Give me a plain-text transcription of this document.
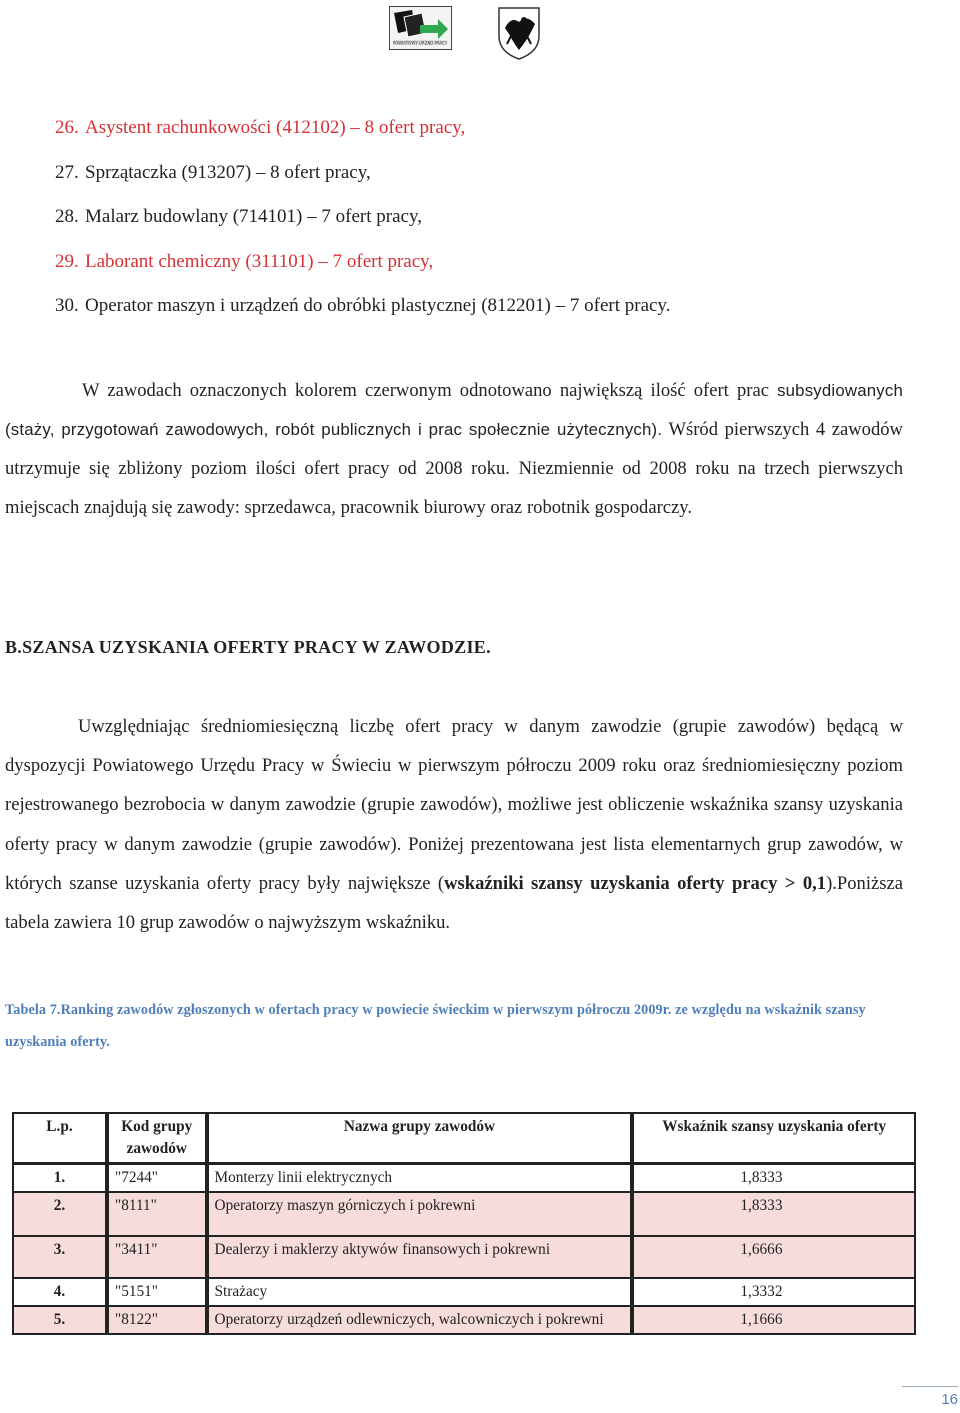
POWIATOWY URZĄD PRACY
26. Asystent rachunkowości (412102) – 8 ofert pracy,
27. Sprzątaczka (913207) – 8 ofert pracy,
28. Malarz budowlany (714101) – 7 ofert pracy,
29. Laborant chemiczny (311101) – 7 ofert pracy,
30. Operator maszyn i urządzeń do obróbki plastycznej (812201) – 7 ofert pracy.

W zawodach oznaczonych kolorem czerwonym odnotowano największą ilość ofert prac subsydiowanych (staży, przygotowań zawodowych, robót publicznych i prac społecznie użytecznych). Wśród pierwszych 4 zawodów utrzymuje się zbliżony poziom ilości ofert pracy od 2008 roku. Niezmiennie od 2008 roku na trzech pierwszych miejscach znajdują się zawody: sprzedawca, pracownik biurowy oraz robotnik gospodarczy.

B.SZANSA UZYSKANIA OFERTY PRACY W ZAWODZIE.

Uwzględniając średniomiesięczną liczbę ofert pracy w danym zawodzie (grupie zawodów) będącą w dyspozycji Powiatowego Urzędu Pracy w Świeciu w pierwszym półroczu 2009 roku oraz średniomiesięczny poziom rejestrowanego bezrobocia w danym zawodzie (grupie zawodów), możliwe jest obliczenie wskaźnika szansy uzyskania oferty pracy w danym zawodzie (grupie zawodów). Poniżej prezentowana jest lista elementarnych grup zawodów, w których szanse uzyskania oferty pracy były największe (wskaźniki szansy uzyskania oferty pracy > 0,1).Poniższa tabela zawiera 10 grup zawodów o najwyższym wskaźniku.

Tabela 7.Ranking zawodów zgłoszonych w ofertach pracy w powiecie świeckim w pierwszym półroczu 2009r. ze względu na wskaźnik szansy uzyskania oferty.

L.p.	Kod grupy zawodów	Nazwa grupy zawodów	Wskaźnik szansy uzyskania oferty
1.	"7244"	Monterzy linii elektrycznych	1,8333
2.	"8111"	Operatorzy maszyn górniczych i pokrewni	1,8333
3.	"3411"	Dealerzy i maklerzy aktywów finansowych i pokrewni	1,6666
4.	"5151"	Strażacy	1,3332
5.	"8122"	Operatorzy urządzeń odlewniczych, walcowniczych i pokrewni	1,1666
16
